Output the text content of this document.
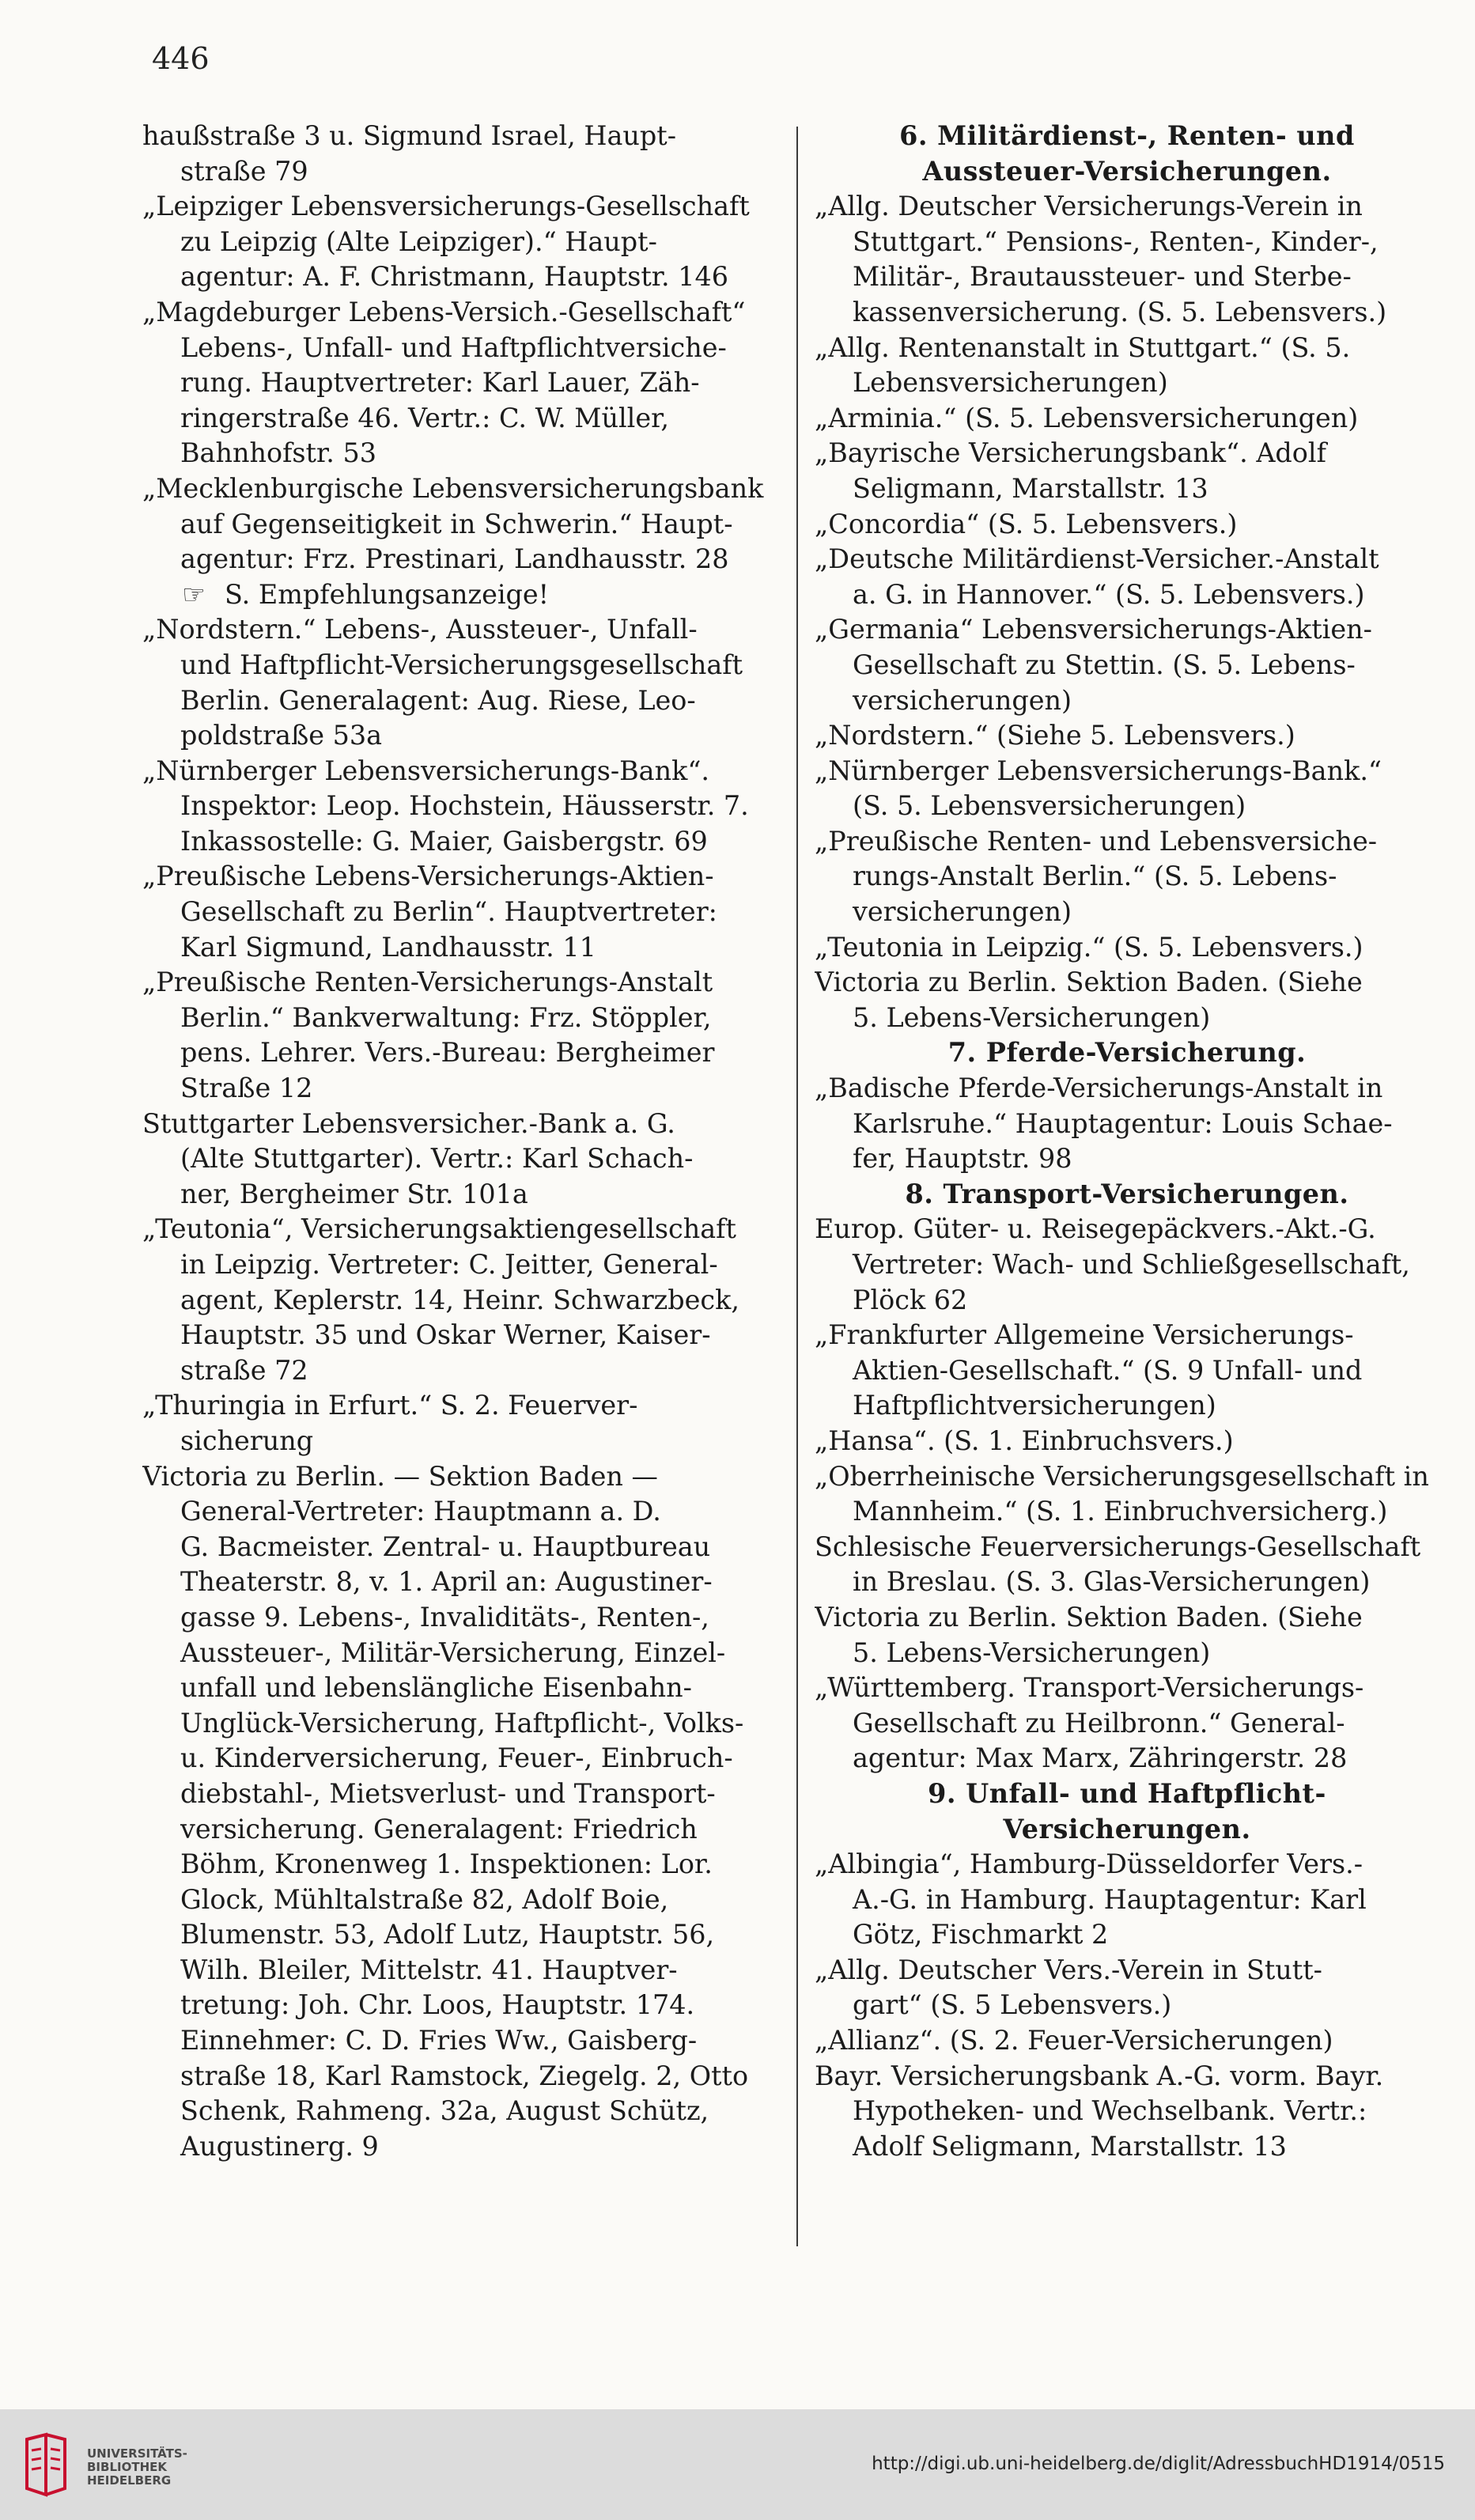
446
haußstraße 3 u. Sigmund Israel, Haupt-
straße 79
„Leipziger Lebensversicherungs-Gesellschaft
zu Leipzig (Alte Leipziger).“ Haupt-
agentur: A. F. Christmann, Hauptstr. 146
„Magdeburger Lebens-Versich.-Gesellschaft“
Lebens-, Unfall- und Haftpflichtversiche-
rung. Hauptvertreter: Karl Lauer, Zäh-
ringerstraße 46. Vertr.: C. W. Müller,
Bahnhofstr. 53
„Mecklenburgische Lebensversicherungsbank
auf Gegenseitigkeit in Schwerin.“ Haupt-
agentur: Frz. Prestinari, Landhausstr. 28
☞ S. Empfehlungsanzeige!
„Nordstern.“ Lebens-, Aussteuer-, Unfall-
und Haftpflicht-Versicherungsgesellschaft
Berlin. Generalagent: Aug. Riese, Leo-
poldstraße 53a
„Nürnberger Lebensversicherungs-Bank“.
Inspektor: Leop. Hochstein, Häusserstr. 7.
Inkassostelle: G. Maier, Gaisbergstr. 69
„Preußische Lebens-Versicherungs-Aktien-
Gesellschaft zu Berlin“. Hauptvertreter:
Karl Sigmund, Landhausstr. 11
„Preußische Renten-Versicherungs-Anstalt
Berlin.“ Bankverwaltung: Frz. Stöppler,
pens. Lehrer. Vers.-Bureau: Bergheimer
Straße 12
Stuttgarter Lebensversicher.-Bank a. G.
(Alte Stuttgarter). Vertr.: Karl Schach-
ner, Bergheimer Str. 101a
„Teutonia“, Versicherungsaktiengesellschaft
in Leipzig. Vertreter: C. Jeitter, General-
agent, Keplerstr. 14, Heinr. Schwarzbeck,
Hauptstr. 35 und Oskar Werner, Kaiser-
straße 72
„Thuringia in Erfurt.“ S. 2. Feuerver-
sicherung
Victoria zu Berlin. — Sektion Baden —
General-Vertreter: Hauptmann a. D.
G. Bacmeister. Zentral- u. Hauptbureau
Theaterstr. 8, v. 1. April an: Augustiner-
gasse 9. Lebens-, Invaliditäts-, Renten-,
Aussteuer-, Militär-Versicherung, Einzel-
unfall und lebenslängliche Eisenbahn-
Unglück-Versicherung, Haftpflicht-, Volks-
u. Kinderversicherung, Feuer-, Einbruch-
diebstahl-, Mietsverlust- und Transport-
versicherung. Generalagent: Friedrich
Böhm, Kronenweg 1. Inspektionen: Lor.
Glock, Mühltalstraße 82, Adolf Boie,
Blumenstr. 53, Adolf Lutz, Hauptstr. 56,
Wilh. Bleiler, Mittelstr. 41. Hauptver-
tretung: Joh. Chr. Loos, Hauptstr. 174.
Einnehmer: C. D. Fries Ww., Gaisberg-
straße 18, Karl Ramstock, Ziegelg. 2, Otto
Schenk, Rahmeng. 32a, August Schütz,
Augustinerg. 9
6. Militärdienst-, Renten- und
Aussteuer-Versicherungen.
„Allg. Deutscher Versicherungs-Verein in
Stuttgart.“ Pensions-, Renten-, Kinder-,
Militär-, Brautaussteuer- und Sterbe-
kassenversicherung. (S. 5. Lebensvers.)
„Allg. Rentenanstalt in Stuttgart.“ (S. 5.
Lebensversicherungen)
„Arminia.“ (S. 5. Lebensversicherungen)
„Bayrische Versicherungsbank“. Adolf
Seligmann, Marstallstr. 13
„Concordia“ (S. 5. Lebensvers.)
„Deutsche Militärdienst-Versicher.-Anstalt
a. G. in Hannover.“ (S. 5. Lebensvers.)
„Germania“ Lebensversicherungs-Aktien-
Gesellschaft zu Stettin. (S. 5. Lebens-
versicherungen)
„Nordstern.“ (Siehe 5. Lebensvers.)
„Nürnberger Lebensversicherungs-Bank.“
(S. 5. Lebensversicherungen)
„Preußische Renten- und Lebensversiche-
rungs-Anstalt Berlin.“ (S. 5. Lebens-
versicherungen)
„Teutonia in Leipzig.“ (S. 5. Lebensvers.)
Victoria zu Berlin. Sektion Baden. (Siehe
5. Lebens-Versicherungen)
7. Pferde-Versicherung.
„Badische Pferde-Versicherungs-Anstalt in
Karlsruhe.“ Hauptagentur: Louis Schae-
fer, Hauptstr. 98
8. Transport-Versicherungen.
Europ. Güter- u. Reisegepäckvers.-Akt.-G.
Vertreter: Wach- und Schließgesellschaft,
Plöck 62
„Frankfurter Allgemeine Versicherungs-
Aktien-Gesellschaft.“ (S. 9 Unfall- und
Haftpflichtversicherungen)
„Hansa“. (S. 1. Einbruchsvers.)
„Oberrheinische Versicherungsgesellschaft in
Mannheim.“ (S. 1. Einbruchversicherg.)
Schlesische Feuerversicherungs-Gesellschaft
in Breslau. (S. 3. Glas-Versicherungen)
Victoria zu Berlin. Sektion Baden. (Siehe
5. Lebens-Versicherungen)
„Württemberg. Transport-Versicherungs-
Gesellschaft zu Heilbronn.“ General-
agentur: Max Marx, Zähringerstr. 28
9. Unfall- und Haftpflicht-
Versicherungen.
„Albingia“, Hamburg-Düsseldorfer Vers.-
A.-G. in Hamburg. Hauptagentur: Karl
Götz, Fischmarkt 2
„Allg. Deutscher Vers.-Verein in Stutt-
gart“ (S. 5 Lebensvers.)
„Allianz“. (S. 2. Feuer-Versicherungen)
Bayr. Versicherungsbank A.-G. vorm. Bayr.
Hypotheken- und Wechselbank. Vertr.:
Adolf Seligmann, Marstallstr. 13
UNIVERSITÄTS-
BIBLIOTHEK
HEIDELBERG
http://digi.ub.uni-heidelberg.de/diglit/AdressbuchHD1914/0515
